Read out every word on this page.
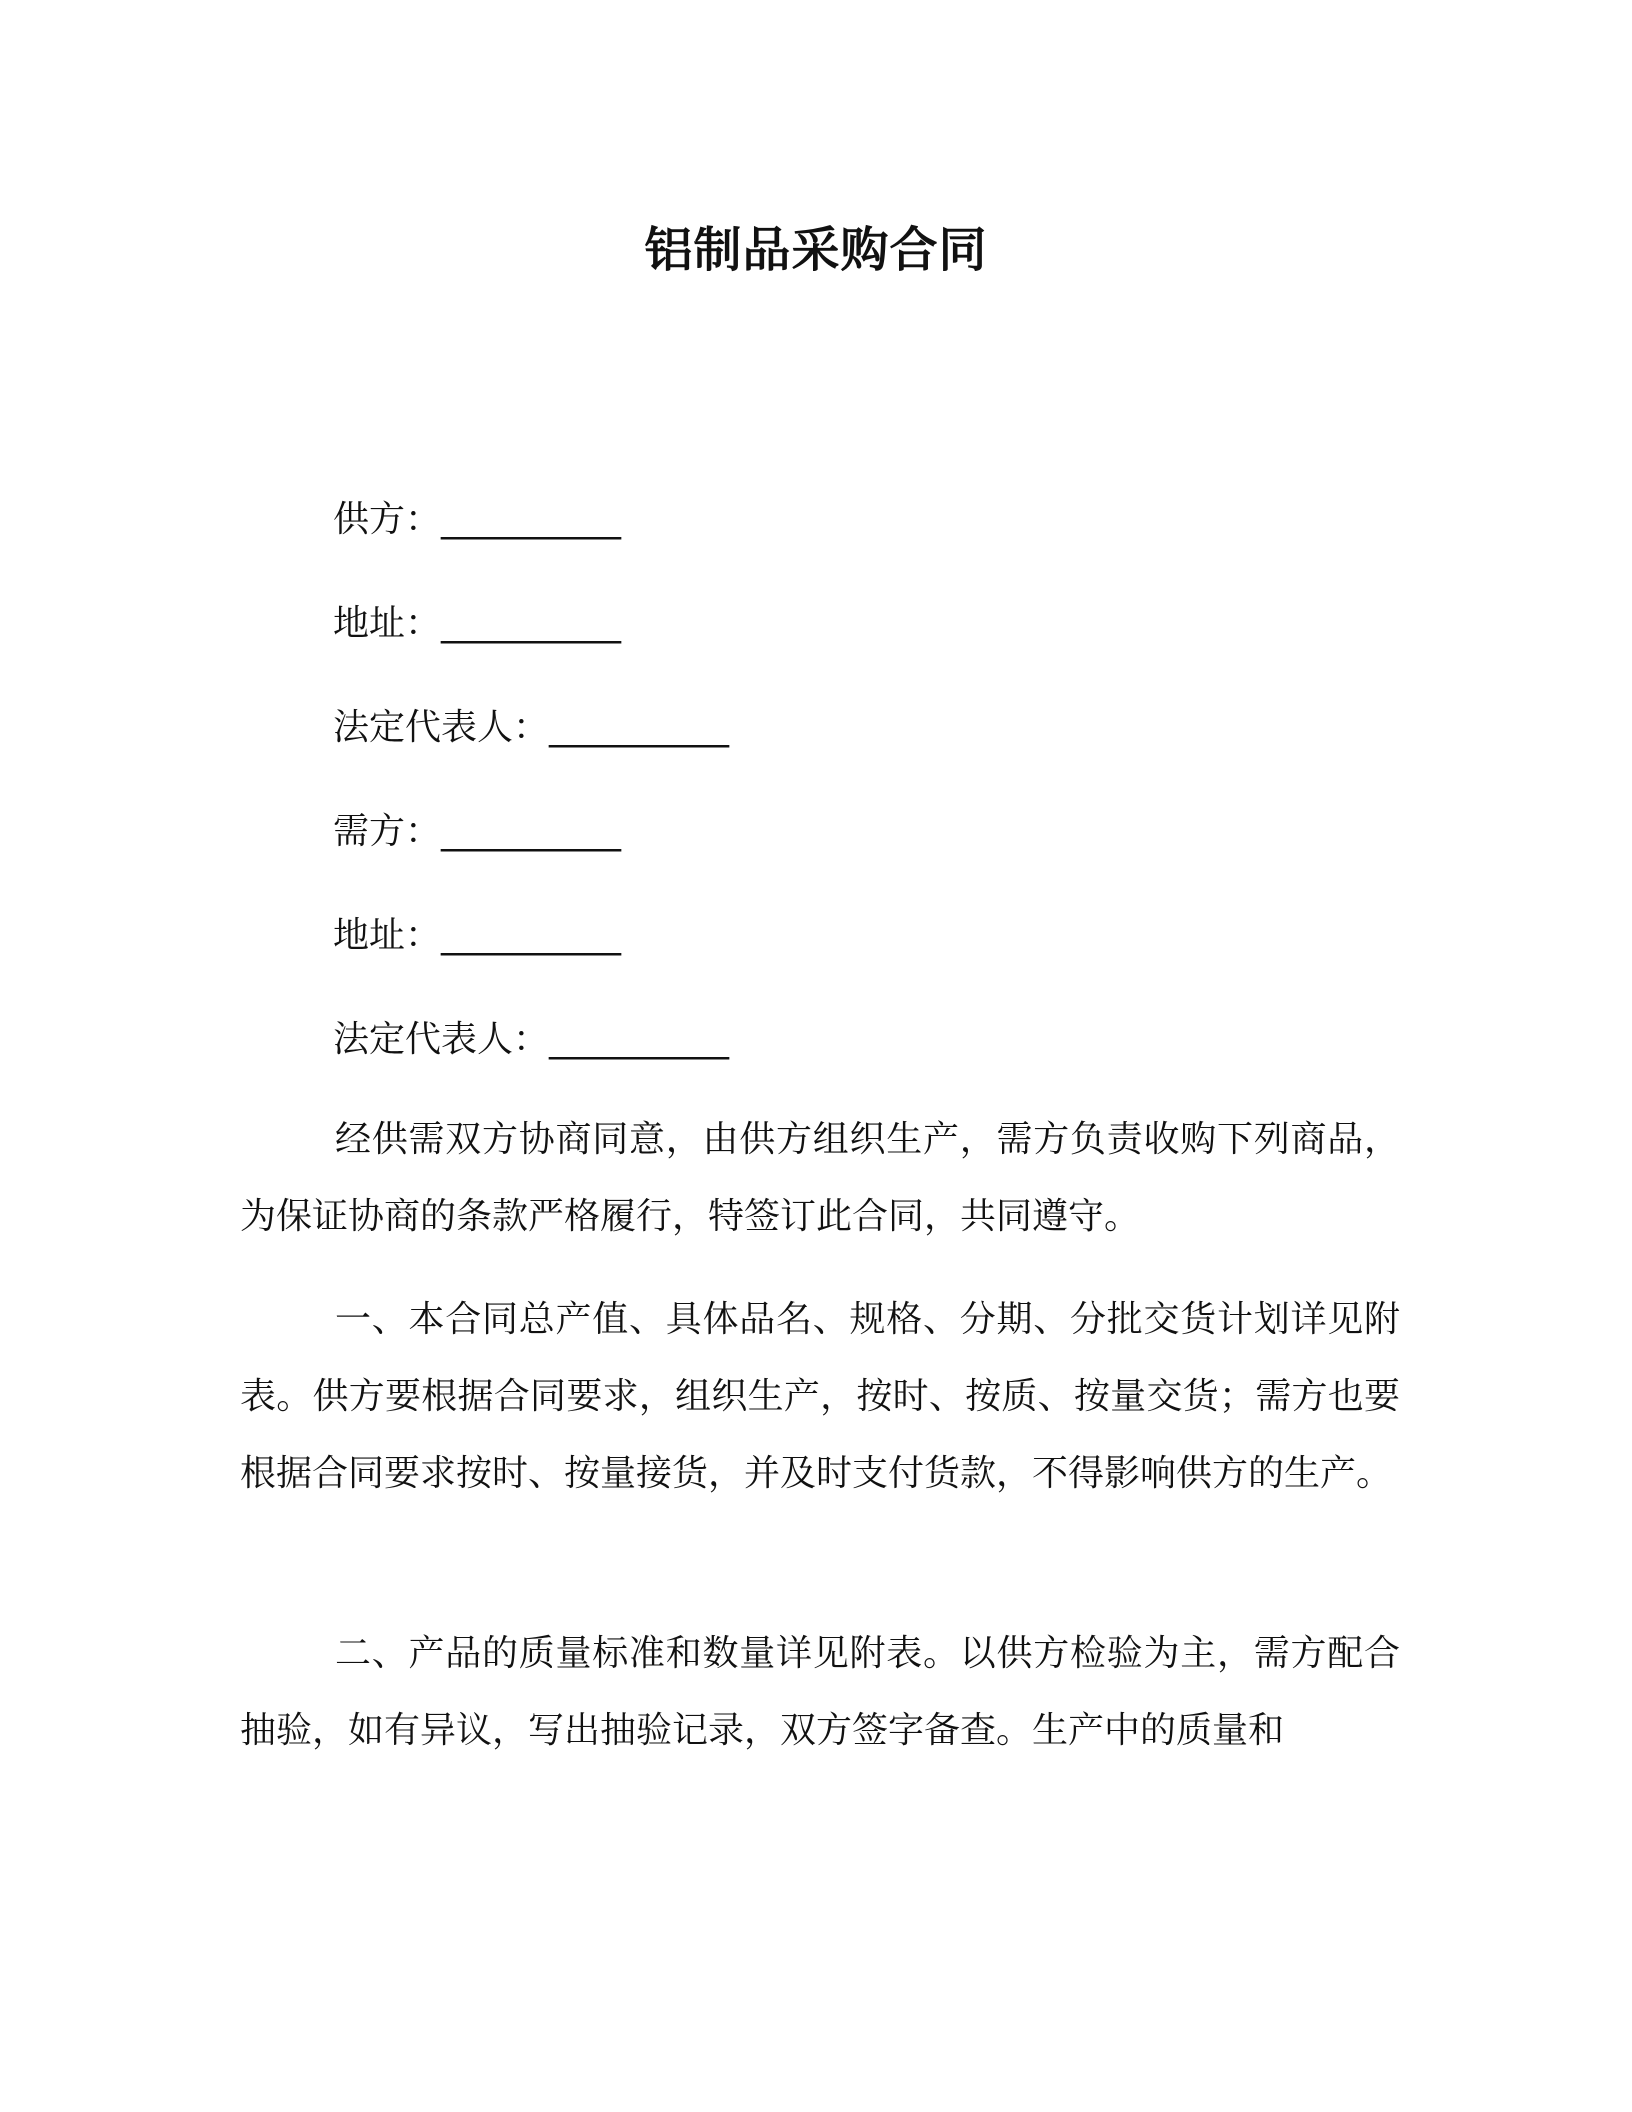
铝制品采购合同
供方：__________
地址：__________
法定代表人：__________
需方：__________
地址：__________
法定代表人：__________

经供需双方协商同意，由供方组织生产，需方负责收购下列商品，为保证协商的条款严格履行，特签订此合同，共同遵守。

一、本合同总产值、具体品名、规格、分期、分批交货计划详见附表。供方要根据合同要求，组织生产，按时、按质、按量交货；需方也要根据合同要求按时、按量接货，并及时支付货款，不得影响供方的生产。

二、产品的质量标准和数量详见附表。以供方检验为主，需方配合抽验，如有异议，写出抽验记录，双方签字备查。生产中的质量和
